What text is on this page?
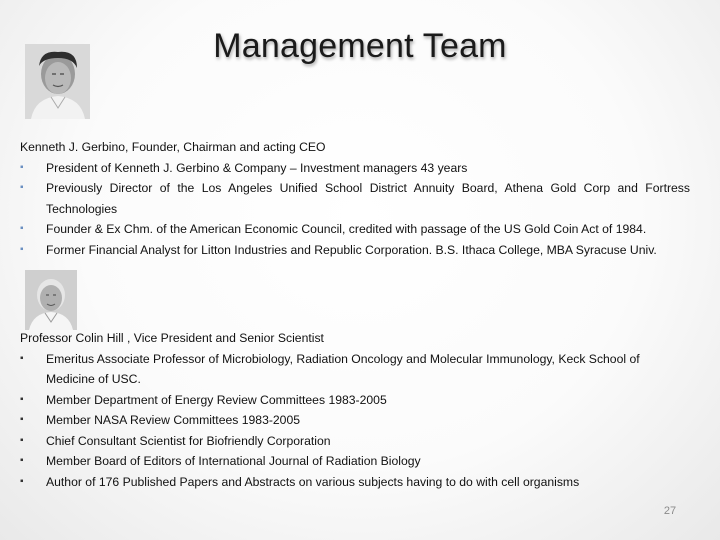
Management Team
Kenneth J. Gerbino, Founder, Chairman and acting CEO
▪	President of Kenneth J. Gerbino & Company – Investment managers 43 years
▪	Previously Director of the Los Angeles Unified School District Annuity Board, Athena Gold Corp and Fortress Technologies
▪	Founder & Ex Chm. of the American Economic Council, credited with passage of the US Gold Coin Act of 1984.
▪	Former Financial Analyst for Litton Industries and Republic Corporation. B.S. Ithaca College, MBA Syracuse Univ.
Professor Colin Hill , Vice President and Senior Scientist
▪	Emeritus Associate Professor of Microbiology, Radiation Oncology and Molecular Immunology, Keck School of Medicine of USC.
▪	Member Department of Energy Review Committees 1983-2005
▪	Member NASA Review Committees 1983-2005
▪	Chief Consultant Scientist for Biofriendly Corporation
▪	Member Board of Editors of International Journal of Radiation Biology
▪	Author of 176 Published Papers and Abstracts on various subjects having to do with cell organisms
27
